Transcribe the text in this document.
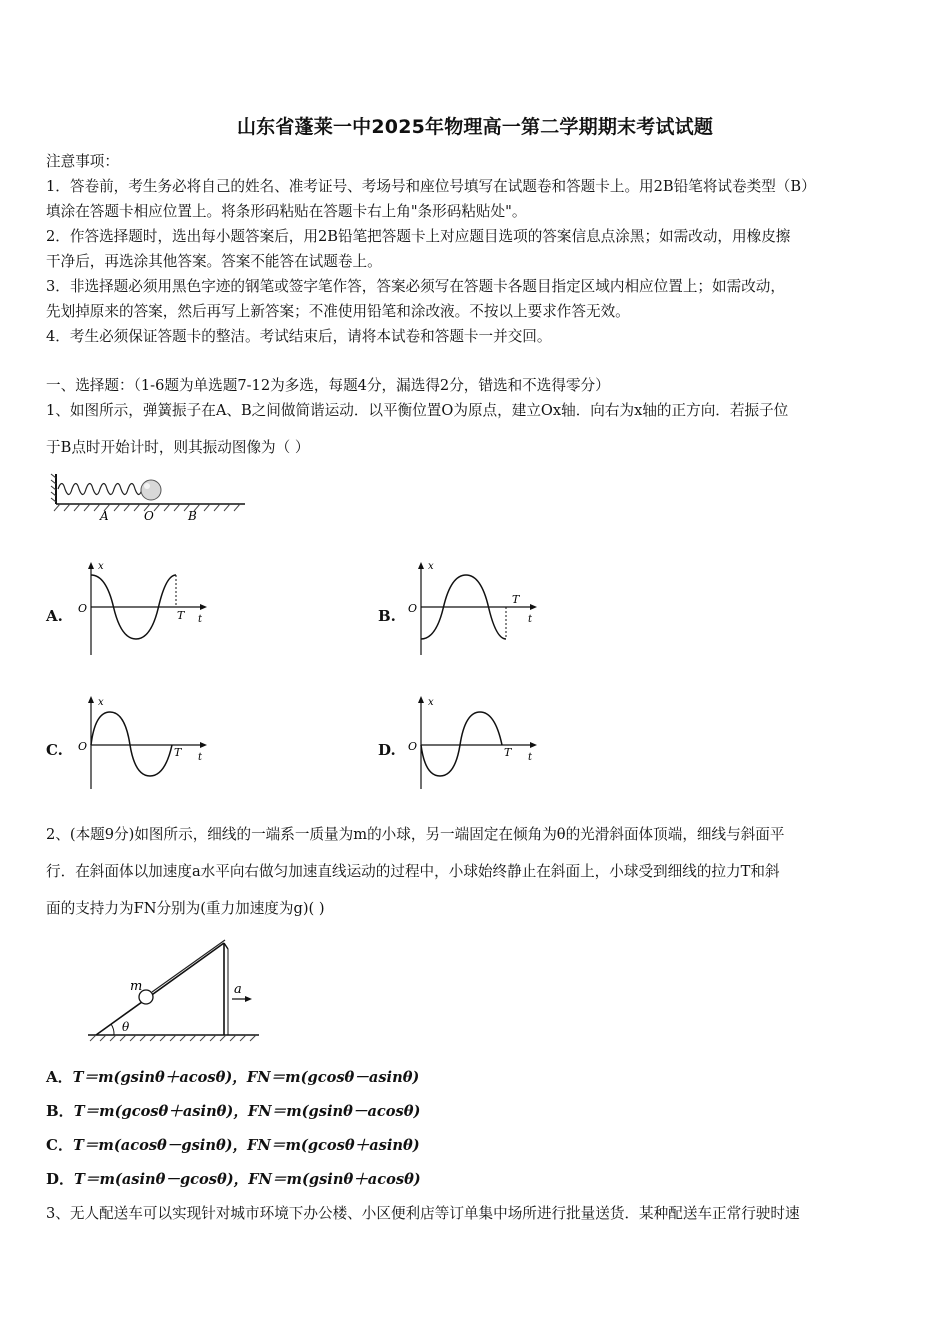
山东省蓬莱一中2025年物理高一第二学期期末考试试题
注意事项：
1．答卷前，考生务必将自己的姓名、准考证号、考场号和座位号填写在试题卷和答题卡上。用2B铅笔将试卷类型（B）
填涂在答题卡相应位置上。将条形码粘贴在答题卡右上角"条形码粘贴处"。
2．作答选择题时，选出每小题答案后，用2B铅笔把答题卡上对应题目选项的答案信息点涂黑；如需改动，用橡皮擦
干净后，再选涂其他答案。答案不能答在试题卷上。
3．非选择题必须用黑色字迹的钢笔或签字笔作答，答案必须写在答题卡各题目指定区域内相应位置上；如需改动，
先划掉原来的答案，然后再写上新答案；不准使用铅笔和涂改液。不按以上要求作答无效。
4．考生必须保证答题卡的整洁。考试结束后，请将本试卷和答题卡一并交回。
一、选择题：（1-6题为单选题7-12为多选，每题4分，漏选得2分，错选和不选得零分）
1、如图所示，弹簧振子在A、B之间做简谐运动．以平衡位置O为原点，建立Ox轴．向右为x轴的正方向．若振子位
于B点时开始计时，则其振动图像为（ ）
A	O	B
A.
x
O
T t	B.
x
O
T
t
C.
x
O	T t	D.
x
O	T t
2、(本题9分)如图所示，细线的一端系一质量为m的小球，另一端固定在倾角为θ的光滑斜面体顶端，细线与斜面平
行．在斜面体以加速度a水平向右做匀加速直线运动的过程中，小球始终静止在斜面上，小球受到细线的拉力T和斜
面的支持力为FN分别为(重力加速度为g)( )
m
θ
a
A．T＝m(gsinθ＋acosθ)，FN＝m(gcosθ－asinθ)
B．T＝m(gcosθ＋asinθ)，FN＝m(gsinθ－acosθ)
C．T＝m(acosθ－gsinθ)，FN＝m(gcosθ＋asinθ)
D．T＝m(asinθ－gcosθ)，FN＝m(gsinθ＋acosθ)
3、无人配送车可以实现针对城市环境下办公楼、小区便利店等订单集中场所进行批量送货．某种配送车正常行驶时速
